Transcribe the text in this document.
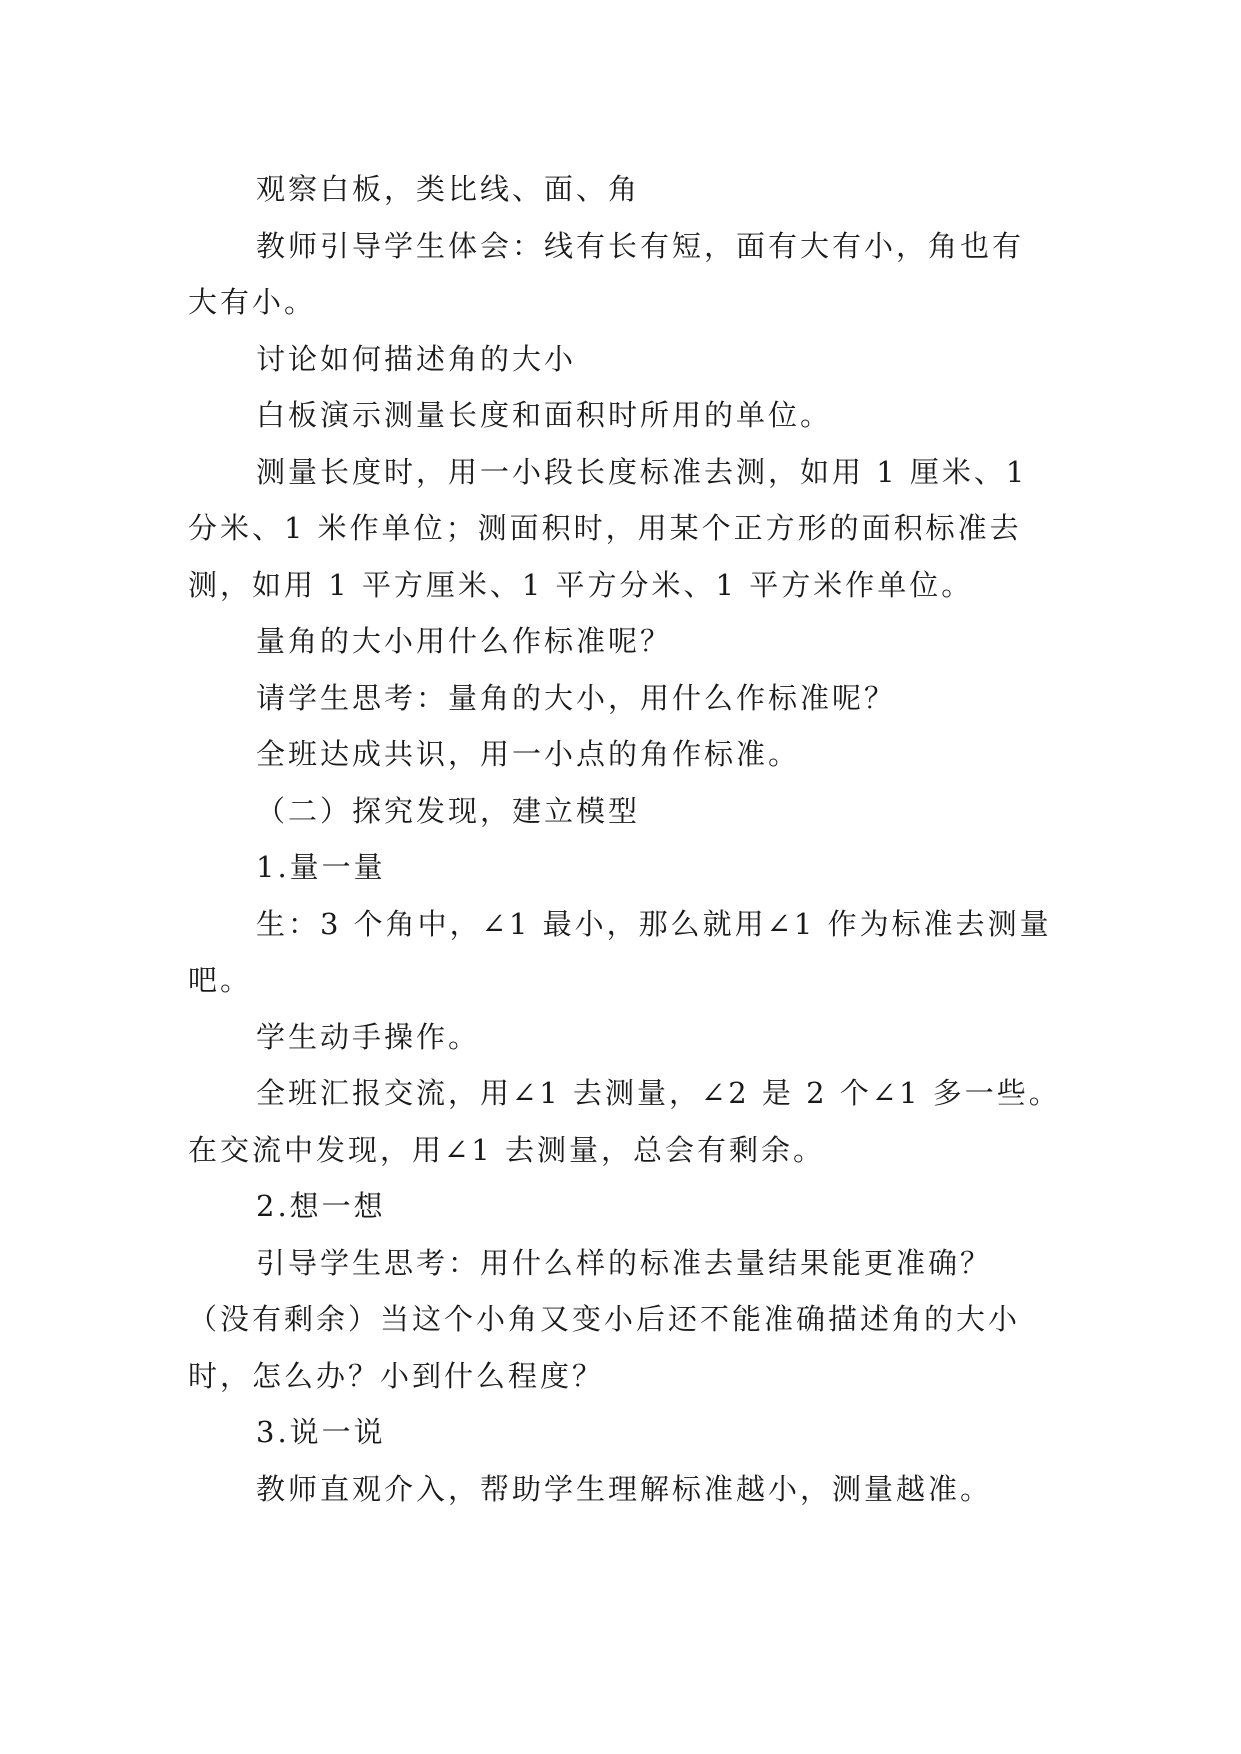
观察白板，类比线、面、角

教师引导学生体会：线有长有短，面有大有小，角也有
大有小。

讨论如何描述角的大小

白板演示测量长度和面积时所用的单位。

测量长度时，用一小段长度标准去测，如用 1 厘米、1
分米、1 米作单位；测面积时，用某个正方形的面积标准去
测，如用 1 平方厘米、1 平方分米、1 平方米作单位。

量角的大小用什么作标准呢？

请学生思考：量角的大小，用什么作标准呢？

全班达成共识，用一小点的角作标准。

（二）探究发现，建立模型

1.量一量

生：3 个角中，∠1 最小，那么就用∠1 作为标准去测量
吧。

学生动手操作。

全班汇报交流，用∠1 去测量，∠2 是 2 个∠1 多一些。
在交流中发现，用∠1 去测量，总会有剩余。

2.想一想

引导学生思考：用什么样的标准去量结果能更准确？
（没有剩余）当这个小角又变小后还不能准确描述角的大小
时，怎么办？小到什么程度？

3.说一说

教师直观介入，帮助学生理解标准越小，测量越准。
